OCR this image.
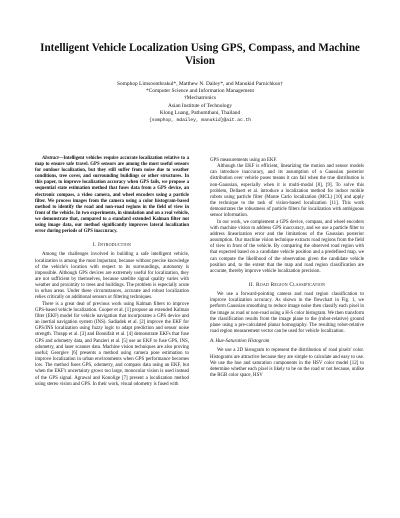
Intelligent Vehicle Localization Using GPS, Compass, and Machine Vision
Somphop Limsoonthrakul*, Matthew N. Dailey*, and Manukid Parnichkun†
*Computer Science and Information Management
†Mechatronics
Asian Institute of Technology
Klong Luang, Pathumthani, Thailand
{somphop, mdailey, manukid}@ait.ac.th

Abstract—Intelligent vehicles require accurate localization relative to a map to ensure safe travel. GPS sensors are among the most useful sensors for outdoor localization, but they still suffer from noise due to weather conditions, tree cover, and surrounding buildings or other structures. In this paper, to improve localization accuracy when GPS fails, we propose a sequential state estimation method that fuses data from a GPS device, an electronic compass, a video camera, and wheel encoders using a particle filter. We process images from the camera using a color histogram-based method to identify the road and non-road regions in the field of view in front of the vehicle. In two experiments, in simulation and on a real vehicle, we demonstrate that, compared to a standard extended Kalman filter not using image data, our method significantly improves lateral localization error during periods of GPS inaccuracy.

I. Introduction

Among the challenges involved in building a safe intelligent vehicle, localization is among the most important, because without precise knowledge of the vehicle's location with respect to its surroundings, autonomy is impossible. Although GPS devices are extremely useful for localization, they are not sufficient by themselves, because satellite signal quality varies with weather and proximity to trees and buildings. The problem is especially acute in urban areas. Under these circumstances, accurate and robust localization relies critically on additional sensors or filtering techniques.

There is a great deal of previous work using Kalman filters to improve GPS-based vehicle localization. Cooper et al. [1] propose an extended Kalman filter (EKF) model for vehicle navigation that incorporates a GPS device and an inertial navigation system (INS). Sadiadek et al. [2] improve the EKF for GPS/INS localization using fuzzy logic to adapt prediction and sensor noise strength. Thrapp et al. [3] and Bonnifait et al. [4] demonstrate EKFs that fuse GPS and odometry data, and Panzieri et al. [5] use an EKF to fuse GPS, INS, odometry, and laser scanner data. Machine vision techniques are also proving useful; Georgiev [6] presents a method using camera pose estimation to improve localization in urban environments when GPS performance becomes low. The method fuses GPS, odometry, and compass data using an EKF, but when the EKF's uncertainty grows too large, monocular vision is used instead of the GPS signal. Agrawal and Konolige [7] present a localization method using stereo vision and GPS. In their work, visual odometry is fused with

GPS measurements using an EKF.

Although the EKF is efficient, linearizing the motion and sensor models can introduce inaccuracy, and its assumption of a Gaussian posterior distribution over vehicle poses means it can fail when the true distribution is non-Gaussian, especially when it is multi-modal [8], [9]. To solve this problem, Dellaert et al. introduce a localization method for indoor mobile robots using particle filter (Monte Carlo localization (MCL) [10] and apply the technique to the task of vision-based localization [11]. This work demonstrates the robustness of particle filters for localization with ambiguous sensor information.

In our work, we complement a GPS device, compass, and wheel encoders with machine vision to address GPS inaccuracy, and we use a particle filter to address linearization error and the limitations of the Gaussian posterior assumption. Our machine vision technique extracts road regions from the field of view in front of the vehicle. By comparing the observed road region with that expected based on a candidate vehicle position and a predefined map, we can compute the likelihood of the observation given the candidate vehicle position and, to the extent that the map and road region classification are accurate, thereby improve vehicle localization precision.

II. Road Region Classification

We use a forward-pointing camera and road region classification to improve localization accuracy. As shown in the flowchart in Fig. 1, we perform Gaussian smoothing to reduce image noise then classify each pixel in the image as road or non-road using a H-S color histogram. We then transform the classification results from the image plane to the (robot-relative) ground plane using a pre-calculated planar homography. The resulting robot-relative road region measurement vector can be used for vehicle localization.

A. Hue-Saturation Histogram

We use a 2D histogram to represent the distribution of road pixels' color. Histograms are attractive because they are simple to calculate and easy to use. We use the hue and saturation components in the HSV color model [12] to determine whether each pixel is likely to be on the road or not because, unlike the RGB color space, HSV
